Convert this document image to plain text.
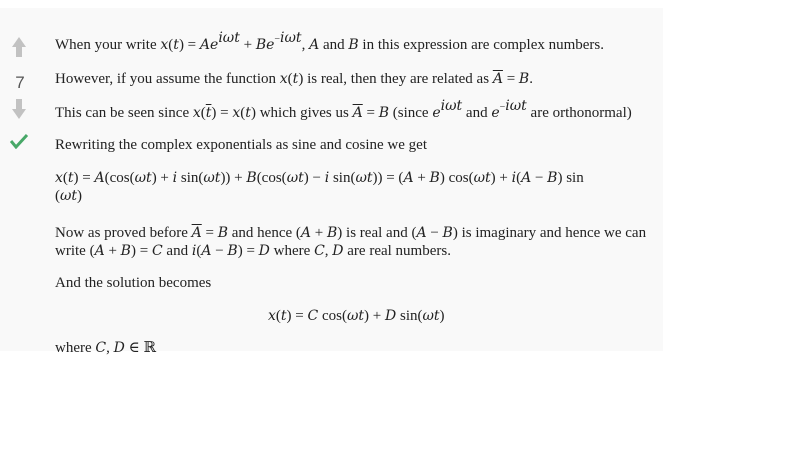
7

When your write $x(t) = Ae^{i\omega t} + Be^{-i\omega t}$, A and B in this expression are complex numbers.

However, if you assume the function x(t) is real, then they are related as $\overline{A} = B$.

This can be seen since $x(\overline{t}) = x(t)$ which gives us $\overline{A} = B$ (since $e^{i\omega t}$ and $e^{-i\omega t}$ are orthonormal)

Rewriting the complex exponentials as sine and cosine we get

x(t) = A(cos(ωt) + i sin(ωt)) + B(cos(ωt) − i sin(ωt)) = (A + B) cos(ωt) + i(A − B) sin
(ωt)

Now as proved before $\overline{A} = B$ and hence (A + B) is real and (A − B) is imaginary and hence we can write (A + B) = C and i(A − B) = D where C, D are real numbers.

And the solution becomes

x(t) = C cos(ωt) + D sin(ωt)

where C, D ∈ ℝ
